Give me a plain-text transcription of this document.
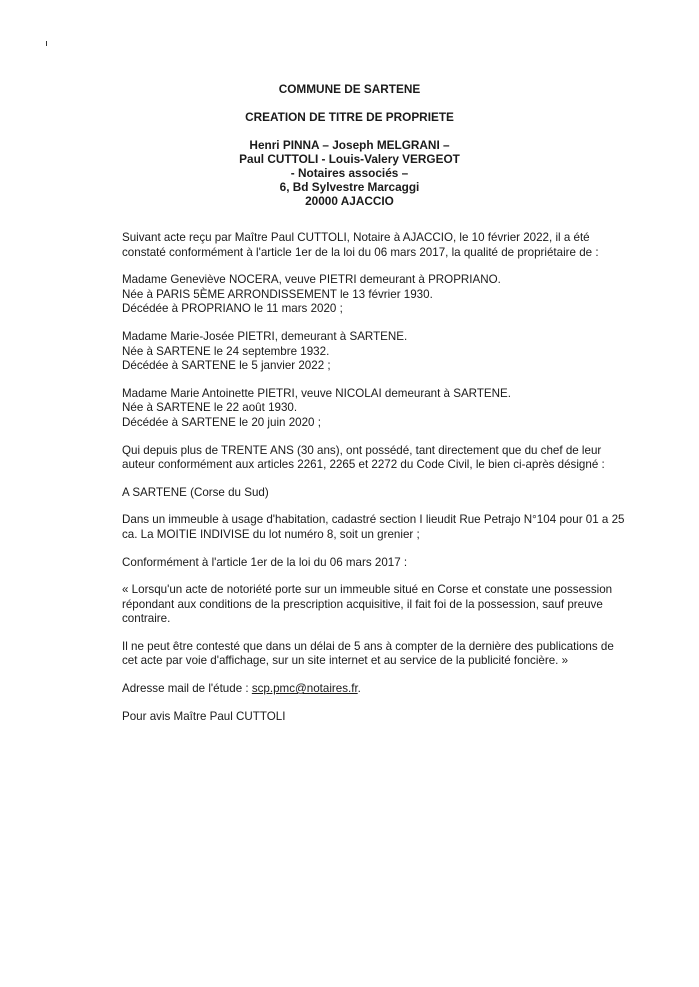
COMMUNE DE SARTENE
CREATION DE TITRE DE PROPRIETE
Henri PINNA – Joseph MELGRANI –
Paul CUTTOLI - Louis-Valery VERGEOT
- Notaires associés –
6, Bd Sylvestre Marcaggi
20000 AJACCIO

Suivant acte reçu par Maître Paul CUTTOLI, Notaire à AJACCIO, le 10 février 2022, il a été
constaté conformément à l'article 1er de la loi du 06 mars 2017, la qualité de propriétaire de :

Madame Geneviève NOCERA, veuve PIETRI demeurant à PROPRIANO.
Née à PARIS 5ÈME ARRONDISSEMENT le 13 février 1930.
Décédée à PROPRIANO le 11 mars 2020 ;

Madame Marie-Josée PIETRI, demeurant à SARTENE.
Née à SARTENE le 24 septembre 1932.
Décédée à SARTENE le 5 janvier 2022 ;

Madame Marie Antoinette PIETRI, veuve NICOLAI demeurant à SARTENE.
Née à SARTENE le 22 août 1930.
Décédée à SARTENE le 20 juin 2020 ;

Qui depuis plus de TRENTE ANS (30 ans), ont possédé, tant directement que du chef de leur
auteur conformément aux articles 2261, 2265 et 2272 du Code Civil, le bien ci-après désigné :

A SARTENE (Corse du Sud)

Dans un immeuble à usage d'habitation, cadastré section I lieudit Rue Petrajo N°104 pour 01 a 25
ca. La MOITIE INDIVISE du lot numéro 8, soit un grenier ;

Conformément à l'article 1er de la loi du 06 mars 2017 :

« Lorsqu'un acte de notoriété porte sur un immeuble situé en Corse et constate une possession
répondant aux conditions de la prescription acquisitive, il fait foi de la possession, sauf preuve
contraire.

Il ne peut être contesté que dans un délai de 5 ans à compter de la dernière des publications de
cet acte par voie d'affichage, sur un site internet et au service de la publicité foncière. »

Adresse mail de l'étude : scp.pmc@notaires.fr.

Pour avis Maître Paul CUTTOLI
